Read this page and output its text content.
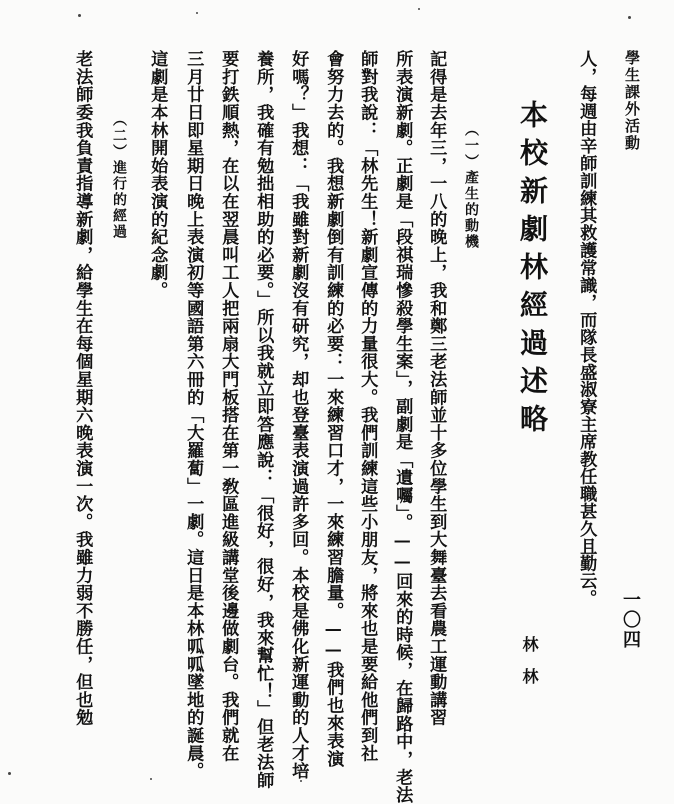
學生課外活動
一〇四
人，每週由辛師訓練其救護常識，而隊長盛淑寮主席教任職甚久且勤云。
本校新劇林經過述略
林林
（一）產生的動機
記得是去年三，一八的晚上，我和鄭三老法師並十多位學生到大舞臺去看農工運動講習
所表演新劇。正劇是「段祺瑞慘殺學生案」，副劇是「遺囑」。——回來的時候，在歸路中，老法
師對我說：「林先生！新劇宣傳的力量很大。我們訓練這些小朋友，將來也是要給他們到社
會努力去的。我想新劇倒有訓練的必要：一來練習口才，一來練習膽量。——我們也來表演
好嗎？」我想：「我雖對新劇沒有研究，却也登臺表演過許多回。本校是佛化新運動的人才培
養所，我確有勉拙相助的必要。」所以我就立即答應說：「很好，很好，我來幫忙！」但老法師
要打鉄順熱，在以在翌晨叫工人把兩扇大門板搭在第一敎區進級講堂後邊做劇台。我們就在
三月廿日即星期日晚上表演初等國語第六冊的「大羅蔔」一劇。這日是本林呱呱墜地的誕晨。
這劇是本林開始表演的紀念劇。
（二）進行的經過
老法師委我負責指導新劇，給學生在每個星期六晚表演一次。我雖力弱不勝任，但也勉
